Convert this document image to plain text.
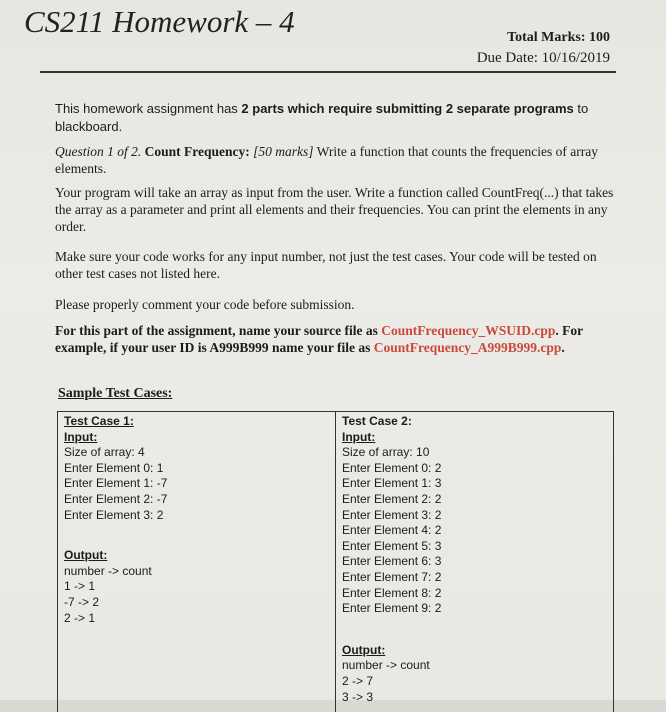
CS211 Homework – 4	Total Marks: 100
Due Date: 10/16/2019
This homework assignment has 2 parts which require submitting 2 separate programs to blackboard.
Question 1 of 2. Count Frequency: [50 marks] Write a function that counts the frequencies of array elements.
Your program will take an array as input from the user. Write a function called CountFreq(...) that takes the array as a parameter and print all elements and their frequencies. You can print the elements in any order.
Make sure your code works for any input number, not just the test cases. Your code will be tested on other test cases not listed here.
Please properly comment your code before submission.
For this part of the assignment, name your source file as CountFrequency_WSUID.cpp. For example, if your user ID is A999B999 name your file as CountFrequency_A999B999.cpp.
Sample Test Cases:
Test Case 1:
Input:
Size of array: 4
Enter Element 0: 1
Enter Element 1: -7
Enter Element 2: -7
Enter Element 3: 2
Output:
number -> count
1 -> 1
-7 -> 2
2 -> 1
Test Case 2:
Input:
Size of array: 10
Enter Element 0: 2
Enter Element 1: 3
Enter Element 2: 2
Enter Element 3: 2
Enter Element 4: 2
Enter Element 5: 3
Enter Element 6: 3
Enter Element 7: 2
Enter Element 8: 2
Enter Element 9: 2
Output:
number -> count
2 -> 7
3 -> 3
